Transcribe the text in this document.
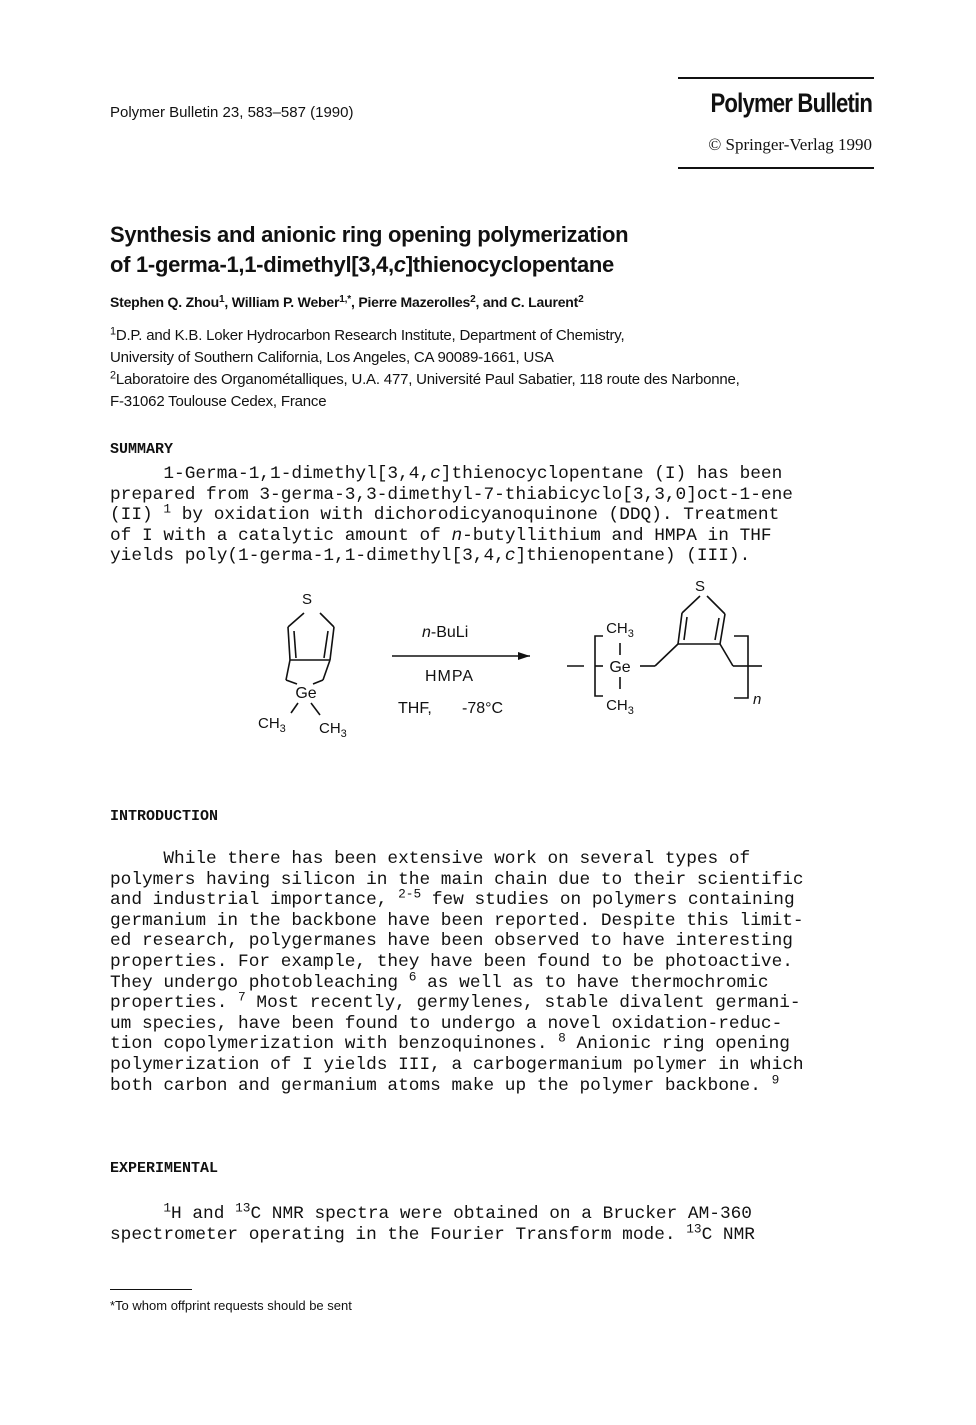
Polymer Bulletin 23, 583–587 (1990)	Polymer Bulletin
© Springer-Verlag 1990
Synthesis and anionic ring opening polymerization
of 1-germa-1,1-dimethyl[3,4,c]thienocyclopentane
Stephen Q. Zhou$^1$, William P. Weber$^{1,*}$, Pierre Mazerolles$^2$, and C. Laurent$^2$
$^1$D.P. and K.B. Loker Hydrocarbon Research Institute, Department of Chemistry,
University of Southern California, Los Angeles, CA 90089-1661, USA
$^2$Laboratoire des Organométalliques, U.A. 477, Université Paul Sabatier, 118 route des Narbonne,
F-31062 Toulouse Cedex, France
SUMMARY
1-Germa-1,1-dimethyl[3,4,c]thienocyclopentane (I) has been
prepared from 3-germa-3,3-dimethyl-7-thiabicyclo[3,3,0]oct-1-ene
(II) $^1$ by oxidation with dichorodicyanoquinone (DDQ). Treatment
of I with a catalytic amount of n-butyllithium and HMPA in THF
yields poly(1-germa-1,1-dimethyl[3,4,c]thienopentane) (III).
S
Ge
$CH_3$ $CH_3$
n-BuLi
HMPA
THF, -78°C
S
$CH_3$
Ge
$CH_3$
n
INTRODUCTION
While there has been extensive work on several types of
polymers having silicon in the main chain due to their scientific
and industrial importance, $^{2-5}$ few studies on polymers containing
germanium in the backbone have been reported. Despite this limit-
ed research, polygermanes have been observed to have interesting
properties. For example, they have been found to be photoactive.
They undergo photobleaching $^6$ as well as to have thermochromic
properties. $^7$ Most recently, germylenes, stable divalent germani-
um species, have been found to undergo a novel oxidation-reduc-
tion copolymerization with benzoquinones. $^8$ Anionic ring opening
polymerization of I yields III, a carbogermanium polymer in which
both carbon and germanium atoms make up the polymer backbone. $^9$
EXPERIMENTAL
$^1$H and $^{13}$C NMR spectra were obtained on a Brucker AM-360
spectrometer operating in the Fourier Transform mode. $^{13}$C NMR
*To whom offprint requests should be sent
